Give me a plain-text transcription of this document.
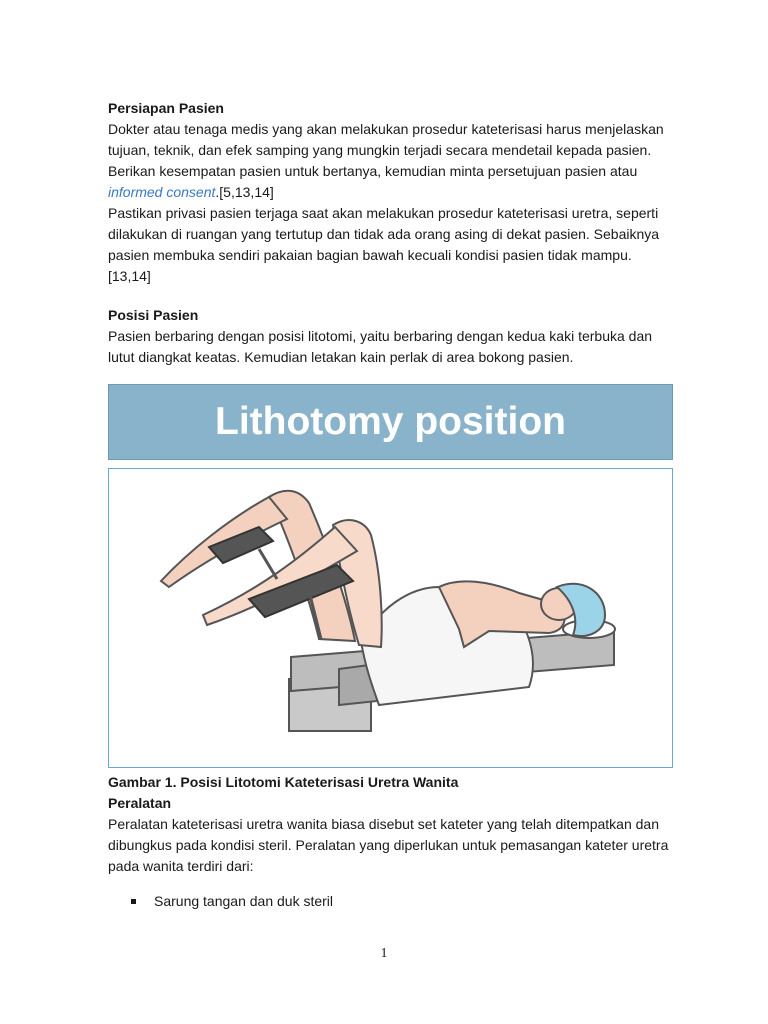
Persiapan Pasien

Dokter atau tenaga medis yang akan melakukan prosedur kateterisasi harus menjelaskan tujuan, teknik, dan efek samping yang mungkin terjadi secara mendetail kepada pasien. Berikan kesempatan pasien untuk bertanya, kemudian minta persetujuan pasien atau informed consent.[5,13,14]

Pastikan privasi pasien terjaga saat akan melakukan prosedur kateterisasi uretra, seperti dilakukan di ruangan yang tertutup dan tidak ada orang asing di dekat pasien. Sebaiknya pasien membuka sendiri pakaian bagian bawah kecuali kondisi pasien tidak mampu.[13,14]

Posisi Pasien

Pasien berbaring dengan posisi litotomi, yaitu berbaring dengan kedua kaki terbuka dan lutut diangkat keatas. Kemudian letakan kain perlak di area bokong pasien.

Lithotomy position
Gambar 1. Posisi Litotomi Kateterisasi Uretra Wanita
Peralatan

Peralatan kateterisasi uretra wanita biasa disebut set kateter yang telah ditempatkan dan dibungkus pada kondisi steril. Peralatan yang diperlukan untuk pemasangan kateter uretra pada wanita terdiri dari:

Sarung tangan dan duk steril
1
